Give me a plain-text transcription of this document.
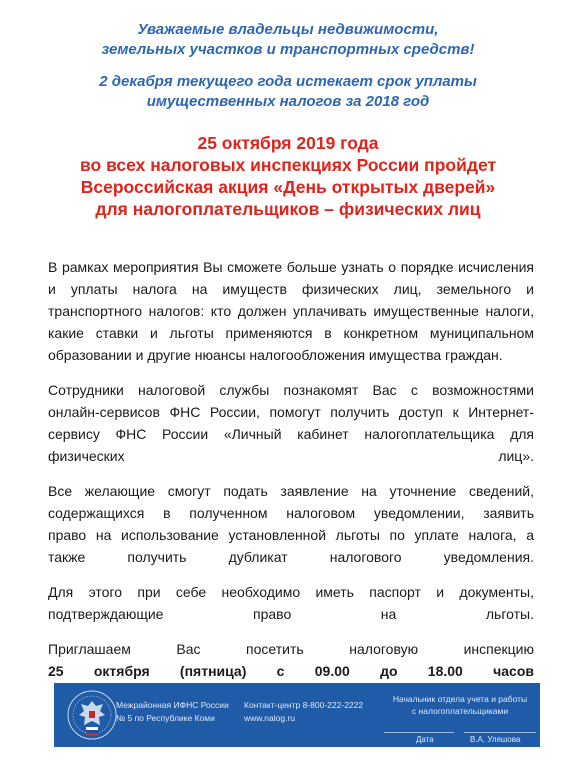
Уважаемые владельцы недвижимости,

земельных участков и транспортных средств!

2 декабря текущего года истекает срок уплаты

имущественных налогов за 2018 год

25 октября 2019 года

во всех налоговых инспекциях России пройдет

Всероссийская акция «День открытых дверей»

для налогоплательщиков – физических лиц

В рамках мероприятия Вы сможете больше узнать о порядке исчисления
и уплаты налога на имуществ физических лиц, земельного и
транспортного налогов: кто должен уплачивать имущественные налоги,
какие ставки и льготы применяются в конкретном муниципальном
образовании и другие нюансы налогообложения имущества граждан.
Сотрудники налоговой службы познакомят Вас с возможностями
онлайн-сервисов ФНС России, помогут получить доступ к Интернет-
сервису ФНС России «Личный кабинет налогоплательщика для
физических	лиц».
Все желающие смогут подать заявление на уточнение сведений,
содержащихся в полученном налоговом уведомлении, заявить
право на использование установленной льготы по уплате налога, а
также получить дубликат налогового уведомления.
Для этого при себе необходимо иметь паспорт и документы,
подтверждающие право на льготы.
Приглашаем Вас посетить налоговую инспекцию
25 октября (пятница) с 09.00 до 18.00 часов

Межрайонная ИФНС России

№ 5 по Республике Коми

Контакт-центр 8-800-222-2222

www.nalog.ru

Начальник отдела учета и работы
с налогоплательщиками
Дата	В.А. Уляшова
